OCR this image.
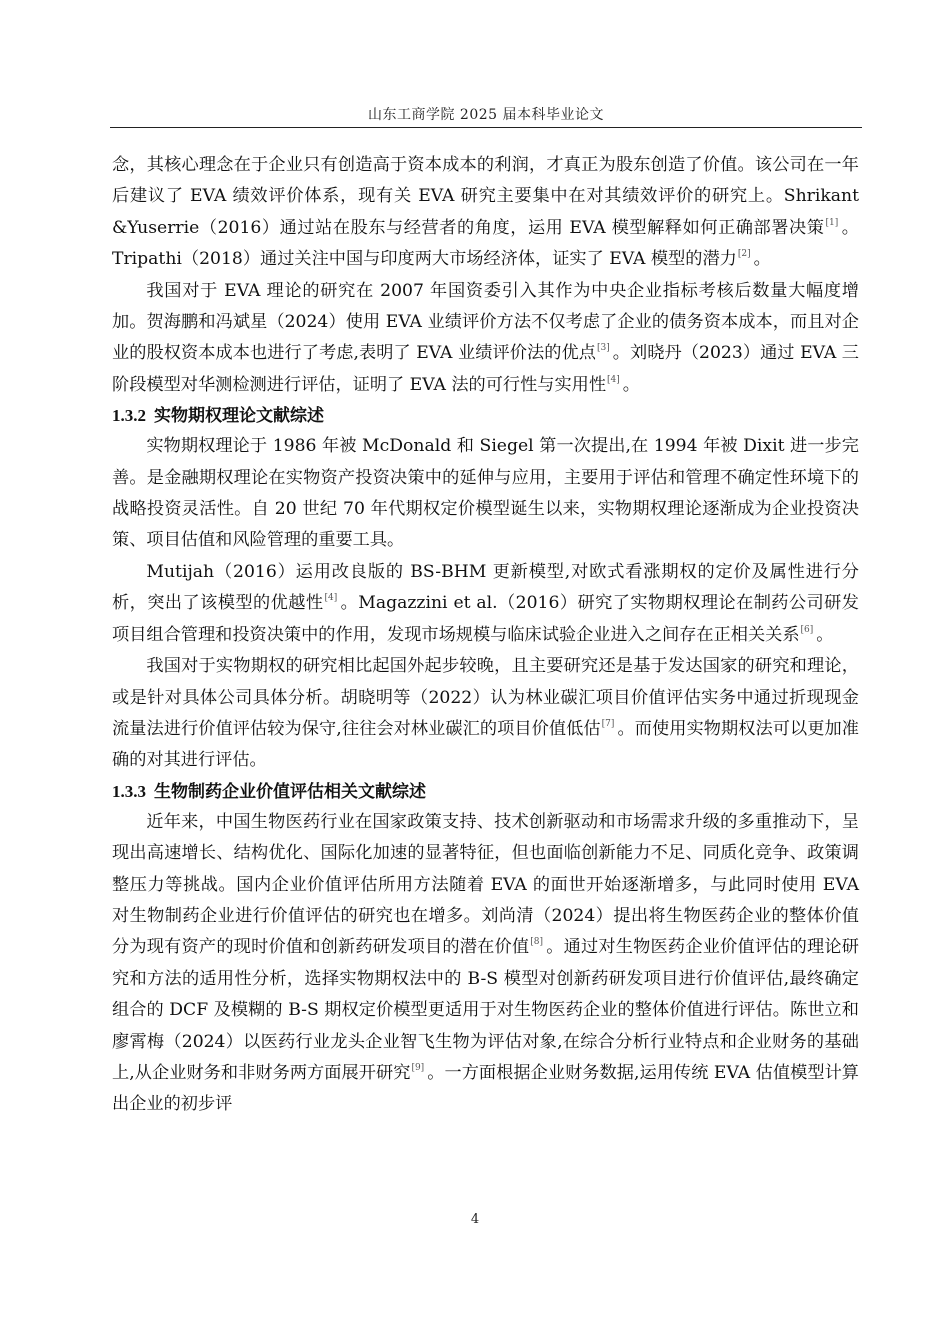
山东工商学院 2025 届本科毕业论文

念，其核心理念在于企业只有创造高于资本成本的利润，才真正为股东创造了价值。该公司在一年后建议了 EVA 绩效评价体系，现有关 EVA 研究主要集中在对其绩效评价的研究上。Shrikant &Yuserrie（2016）通过站在股东与经营者的角度，运用 EVA 模型解释如何正确部署决策[1] 。Tripathi（2018）通过关注中国与印度两大市场经济体，证实了 EVA 模型的潜力[2] 。

我国对于 EVA 理论的研究在 2007 年国资委引入其作为中央企业指标考核后数量大幅度增加。贺海鹏和冯斌星（2024）使用 EVA 业绩评价方法不仅考虑了企业的债务资本成本，而且对企业的股权资本成本也进行了考虑,表明了 EVA 业绩评价法的优点[3] 。刘晓丹（2023）通过 EVA 三阶段模型对华测检测进行评估，证明了 EVA 法的可行性与实用性[4] 。

1.3.2 实物期权理论文献综述

实物期权理论于 1986 年被 McDonald 和 Siegel 第一次提出,在 1994 年被 Dixit 进一步完善。是金融期权理论在实物资产投资决策中的延伸与应用，主要用于评估和管理不确定性环境下的战略投资灵活性。自 20 世纪 70 年代期权定价模型诞生以来，实物期权理论逐渐成为企业投资决策、项目估值和风险管理的重要工具。

Mutijah（2016）运用改良版的 BS-BHM 更新模型,对欧式看涨期权的定价及属性进行分析，突出了该模型的优越性[4] 。Magazzini et al.（2016）研究了实物期权理论在制药公司研发项目组合管理和投资决策中的作用，发现市场规模与临床试验企业进入之间存在正相关关系[6] 。

我国对于实物期权的研究相比起国外起步较晚，且主要研究还是基于发达国家的研究和理论，或是针对具体公司具体分析。胡晓明等（2022）认为林业碳汇项目价值评估实务中通过折现现金流量法进行价值评估较为保守,往往会对林业碳汇的项目价值低估[7] 。而使用实物期权法可以更加准确的对其进行评估。

1.3.3 生物制药企业价值评估相关文献综述

近年来，中国生物医药行业在国家政策支持、技术创新驱动和市场需求升级的多重推动下，呈现出高速增长、结构优化、国际化加速的显著特征，但也面临创新能力不足、同质化竞争、政策调整压力等挑战。国内企业价值评估所用方法随着 EVA 的面世开始逐渐增多，与此同时使用 EVA 对生物制药企业进行价值评估的研究也在增多。刘尚清（2024）提出将生物医药企业的整体价值分为现有资产的现时价值和创新药研发项目的潜在价值[8] 。通过对生物医药企业价值评估的理论研究和方法的适用性分析，选择实物期权法中的 B-S 模型对创新药研发项目进行价值评估,最终确定组合的 DCF 及模糊的 B-S 期权定价模型更适用于对生物医药企业的整体价值进行评估。陈世立和廖霄梅（2024）以医药行业龙头企业智飞生物为评估对象,在综合分析行业特点和企业财务的基础上,从企业财务和非财务两方面展开研究[9] 。一方面根据企业财务数据,运用传统 EVA 估值模型计算出企业的初步评

4
